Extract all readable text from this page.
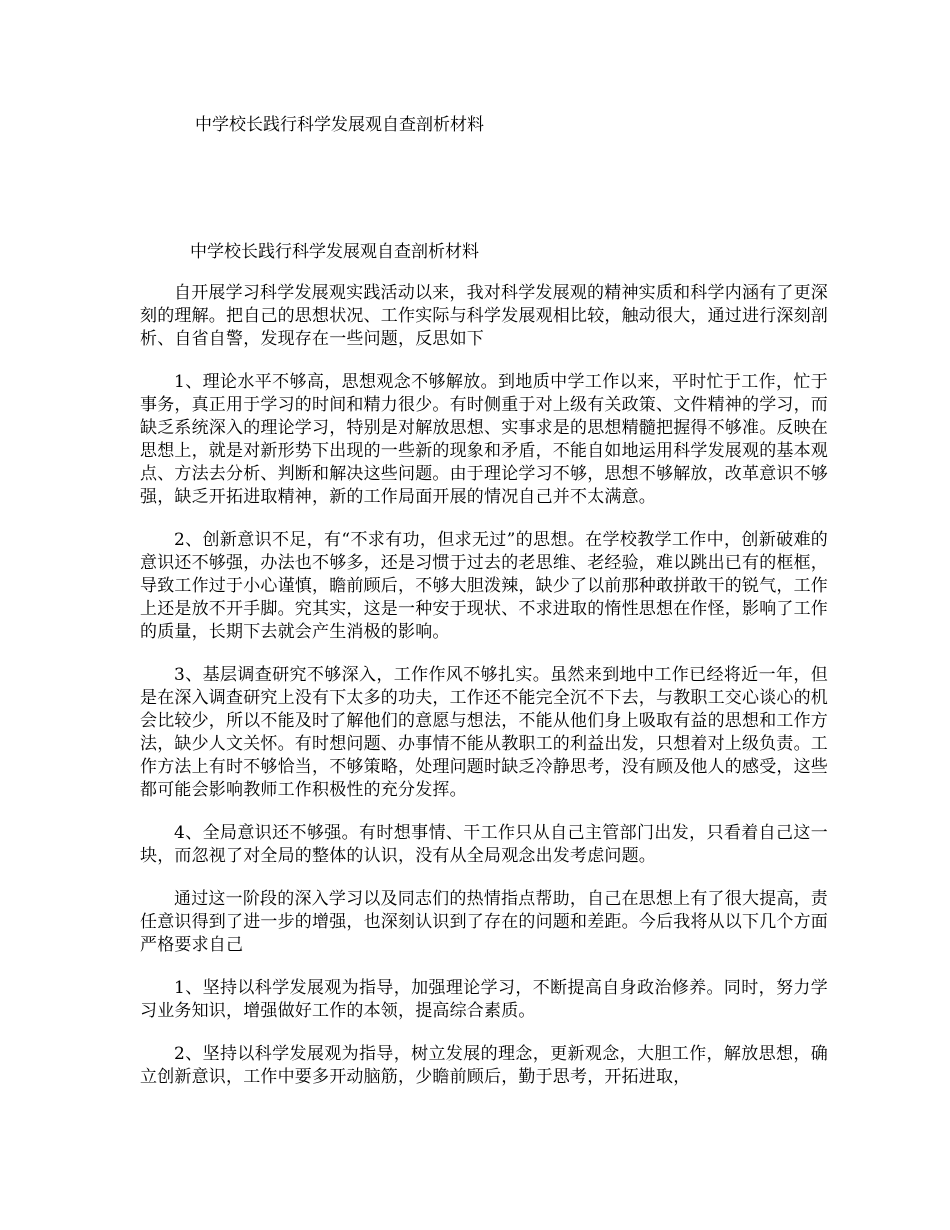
中学校长践行科学发展观自查剖析材料
中学校长践行科学发展观自查剖析材料

自开展学习科学发展观实践活动以来，我对科学发展观的精神实质和科学内涵有了更深刻的理解。把自己的思想状况、工作实际与科学发展观相比较，触动很大，通过进行深刻剖析、自省自警，发现存在一些问题，反思如下

1、理论水平不够高，思想观念不够解放。到地质中学工作以来，平时忙于工作，忙于事务，真正用于学习的时间和精力很少。有时侧重于对上级有关政策、文件精神的学习，而缺乏系统深入的理论学习，特别是对解放思想、实事求是的思想精髓把握得不够准。反映在思想上，就是对新形势下出现的一些新的现象和矛盾，不能自如地运用科学发展观的基本观点、方法去分析、判断和解决这些问题。由于理论学习不够，思想不够解放，改革意识不够强，缺乏开拓进取精神，新的工作局面开展的情况自己并不太满意。

2、创新意识不足，有“不求有功，但求无过”的思想。在学校教学工作中，创新破难的意识还不够强，办法也不够多，还是习惯于过去的老思维、老经验，难以跳出已有的框框，导致工作过于小心谨慎，瞻前顾后，不够大胆泼辣，缺少了以前那种敢拼敢干的锐气，工作上还是放不开手脚。究其实，这是一种安于现状、不求进取的惰性思想在作怪，影响了工作的质量，长期下去就会产生消极的影响。

3、基层调查研究不够深入，工作作风不够扎实。虽然来到地中工作已经将近一年，但是在深入调查研究上没有下太多的功夫，工作还不能完全沉不下去，与教职工交心谈心的机会比较少，所以不能及时了解他们的意愿与想法，不能从他们身上吸取有益的思想和工作方法，缺少人文关怀。有时想问题、办事情不能从教职工的利益出发，只想着对上级负责。工作方法上有时不够恰当，不够策略，处理问题时缺乏冷静思考，没有顾及他人的感受，这些都可能会影响教师工作积极性的充分发挥。

4、全局意识还不够强。有时想事情、干工作只从自己主管部门出发，只看着自己这一块，而忽视了对全局的整体的认识，没有从全局观念出发考虑问题。

通过这一阶段的深入学习以及同志们的热情指点帮助，自己在思想上有了很大提高，责任意识得到了进一步的增强，也深刻认识到了存在的问题和差距。今后我将从以下几个方面严格要求自己

1、坚持以科学发展观为指导，加强理论学习，不断提高自身政治修养。同时，努力学习业务知识，增强做好工作的本领，提高综合素质。

2、坚持以科学发展观为指导，树立发展的理念，更新观念，大胆工作，解放思想，确立创新意识，工作中要多开动脑筋，少瞻前顾后，勤于思考，开拓进取，
